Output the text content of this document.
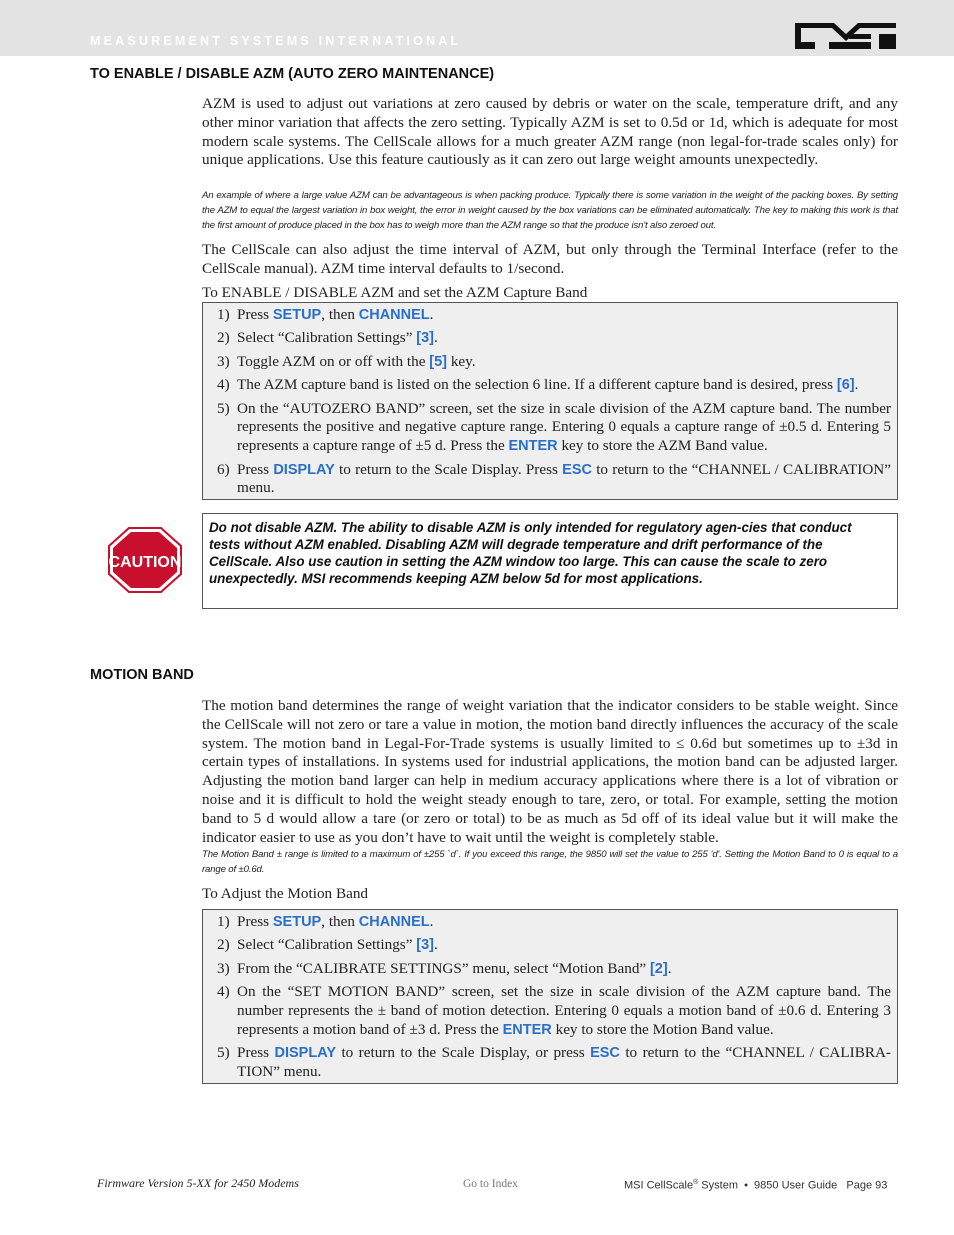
MEASUREMENT SYSTEMS INTERNATIONAL
TO ENABLE / DISABLE AZM (AUTO ZERO MAINTENANCE)

AZM is used to adjust out variations at zero caused by debris or water on the scale, temperature drift, and any other minor variation that affects the zero setting. Typically AZM is set to 0.5d or 1d, which is adequate for most modern scale systems. The CellScale allows for a much greater AZM range (non legal-for-trade scales only) for unique applications. Use this feature cautiously as it can zero out large weight amounts unexpectedly.

An example of where a large value AZM can be advantageous is when packing produce. Typically there is some variation in the weight of the packing boxes. By setting the AZM to equal the largest variation in box weight, the error in weight caused by the box variations can be eliminated automatically. The key to making this work is that the first amount of produce placed in the box has to weigh more than the AZM range so that the produce isn't also zeroed out.

The CellScale can also adjust the time interval of AZM, but only through the Terminal Interface (refer to the CellScale manual). AZM time interval defaults to 1/second.

To ENABLE / DISABLE AZM and set the AZM Capture Band

1) Press SETUP, then CHANNEL.
2) Select “Calibration Settings” [3].
3) Toggle AZM on or off with the [5] key.
4) The AZM capture band is listed on the selection 6 line. If a different capture band is desired, press [6].
5) On the “AUTOZERO BAND” screen, set the size in scale division of the AZM capture band. The number represents the positive and negative capture range. Entering 0 equals a capture range of ±0.5 d. Entering 5 represents a capture range of ±5 d. Press the ENTER key to store the AZM Band value.
6) Press DISPLAY to return to the Scale Display. Press ESC to return to the “CHANNEL / CALIBRATION” menu.
CAUTION

Do not disable AZM. The ability to disable AZM is only intended for regulatory agen-cies that conduct tests without AZM enabled. Disabling AZM will degrade temperature and drift performance of the CellScale. Also use caution in setting the AZM window too large. This can cause the scale to zero unexpectedly. MSI recommends keeping AZM below 5d for most applications.

MOTION BAND

The motion band determines the range of weight variation that the indicator considers to be stable weight. Since the CellScale will not zero or tare a value in motion, the motion band directly influences the accuracy of the scale system. The motion band in Legal-For-Trade systems is usually limited to ≤ 0.6d but sometimes up to ±3d in certain types of installations. In systems used for industrial applications, the motion band can be adjusted larger. Adjusting the motion band larger can help in medium accuracy applications where there is a lot of vibration or noise and it is difficult to hold the weight steady enough to tare, zero, or total. For example, setting the motion band to 5 d would allow a tare (or zero or total) to be as much as 5d off of its ideal value but it will make the indicator easier to use as you don’t have to wait until the weight is completely stable.

The Motion Band ± range is limited to a maximum of ±255 `d`. If you exceed this range, the 9850 will set the value to 255 'd'. Setting the Motion Band to 0 is equal to a range of ±0.6d.

To Adjust the Motion Band

1) Press SETUP, then CHANNEL.
2) Select “Calibration Settings” [3].
3) From the “CALIBRATE SETTINGS” menu, select “Motion Band” [2].
4) On the “SET MOTION BAND” screen, set the size in scale division of the AZM capture band. The number represents the ± band of motion detection. Entering 0 equals a motion band of ±0.6 d. Entering 3 represents a motion band of ±3 d. Press the ENTER key to store the Motion Band value.
5) Press DISPLAY to return to the Scale Display, or press ESC to return to the “CHANNEL / CALIBRA-TION” menu.
Firmware Version 5-XX for 2450 Modems	Go to Index	MSI CellScale® System  •  9850 User Guide   Page 93
